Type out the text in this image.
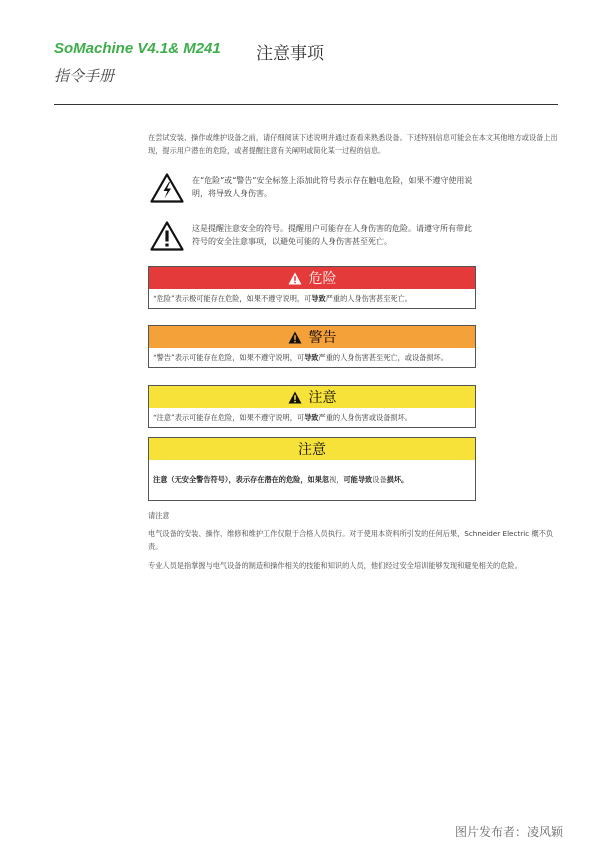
SoMachine V4.1& M241
指令手册
注意事项
在尝试安装、操作或维护设备之前，请仔细阅读下述说明并通过查看来熟悉设备。下述特别信息可能会在本文其他地方或设备上出现，提示用户潜在的危险，或者提醒注意有关阐明或简化某一过程的信息。
在“危险”或“警告”安全标签上添加此符号表示存在触电危险，如果不遵守使用说明，将导致人身伤害。
这是提醒注意安全的符号。提醒用户可能存在人身伤害的危险。请遵守所有带此符号的安全注意事项，以避免可能的人身伤害甚至死亡。
危险
“危险”表示极可能存在危险，如果不遵守说明，可导致严重的人身伤害甚至死亡。
警告
“警告”表示可能存在危险，如果不遵守说明，可导致严重的人身伤害甚至死亡，或设备损坏。
注意
“注意”表示可能存在危险，如果不遵守说明，可导致严重的人身伤害或设备损坏。
注意
注意（无安全警告符号），表示存在潜在的危险，如果忽视，可能导致设备损坏。
请注意
电气设备的安装、操作、维修和维护工作仅限于合格人员执行。对于使用本资料所引发的任何后果，Schneider Electric 概不负责。
专业人员是指掌握与电气设备的制造和操作相关的技能和知识的人员，他们经过安全培训能够发现和避免相关的危险。
图片发布者：凌风颖
